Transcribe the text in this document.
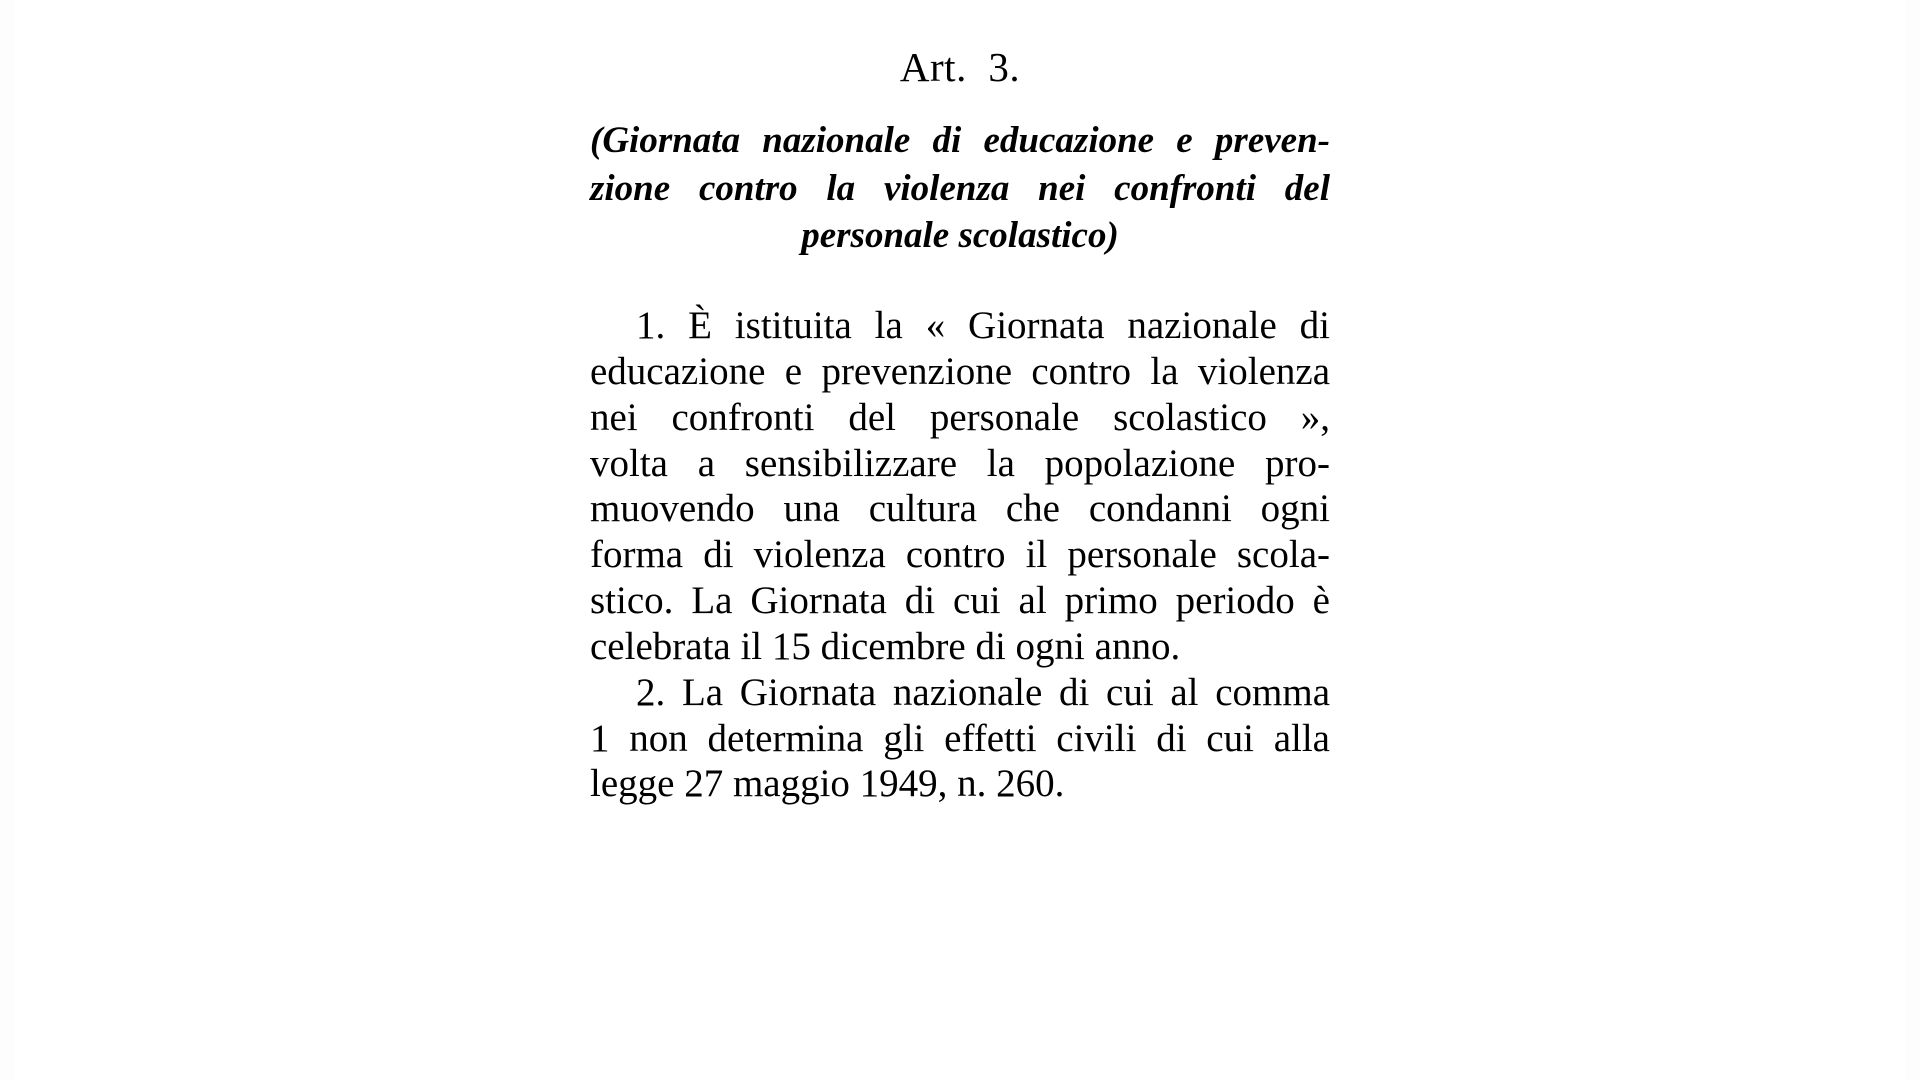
Art.  3.
(Giornata nazionale di educazione e preven-
zione contro la violenza nei confronti del
personale scolastico)

1. È istituita la « Giornata nazionale di
educazione e prevenzione contro la violenza
nei confronti del personale scolastico »,
volta a sensibilizzare la popolazione pro-
muovendo una cultura che condanni ogni
forma di violenza contro il personale scola-
stico. La Giornata di cui al primo periodo è
celebrata il 15 dicembre di ogni anno.

2. La Giornata nazionale di cui al comma
1 non determina gli effetti civili di cui alla
legge 27 maggio 1949, n. 260.
